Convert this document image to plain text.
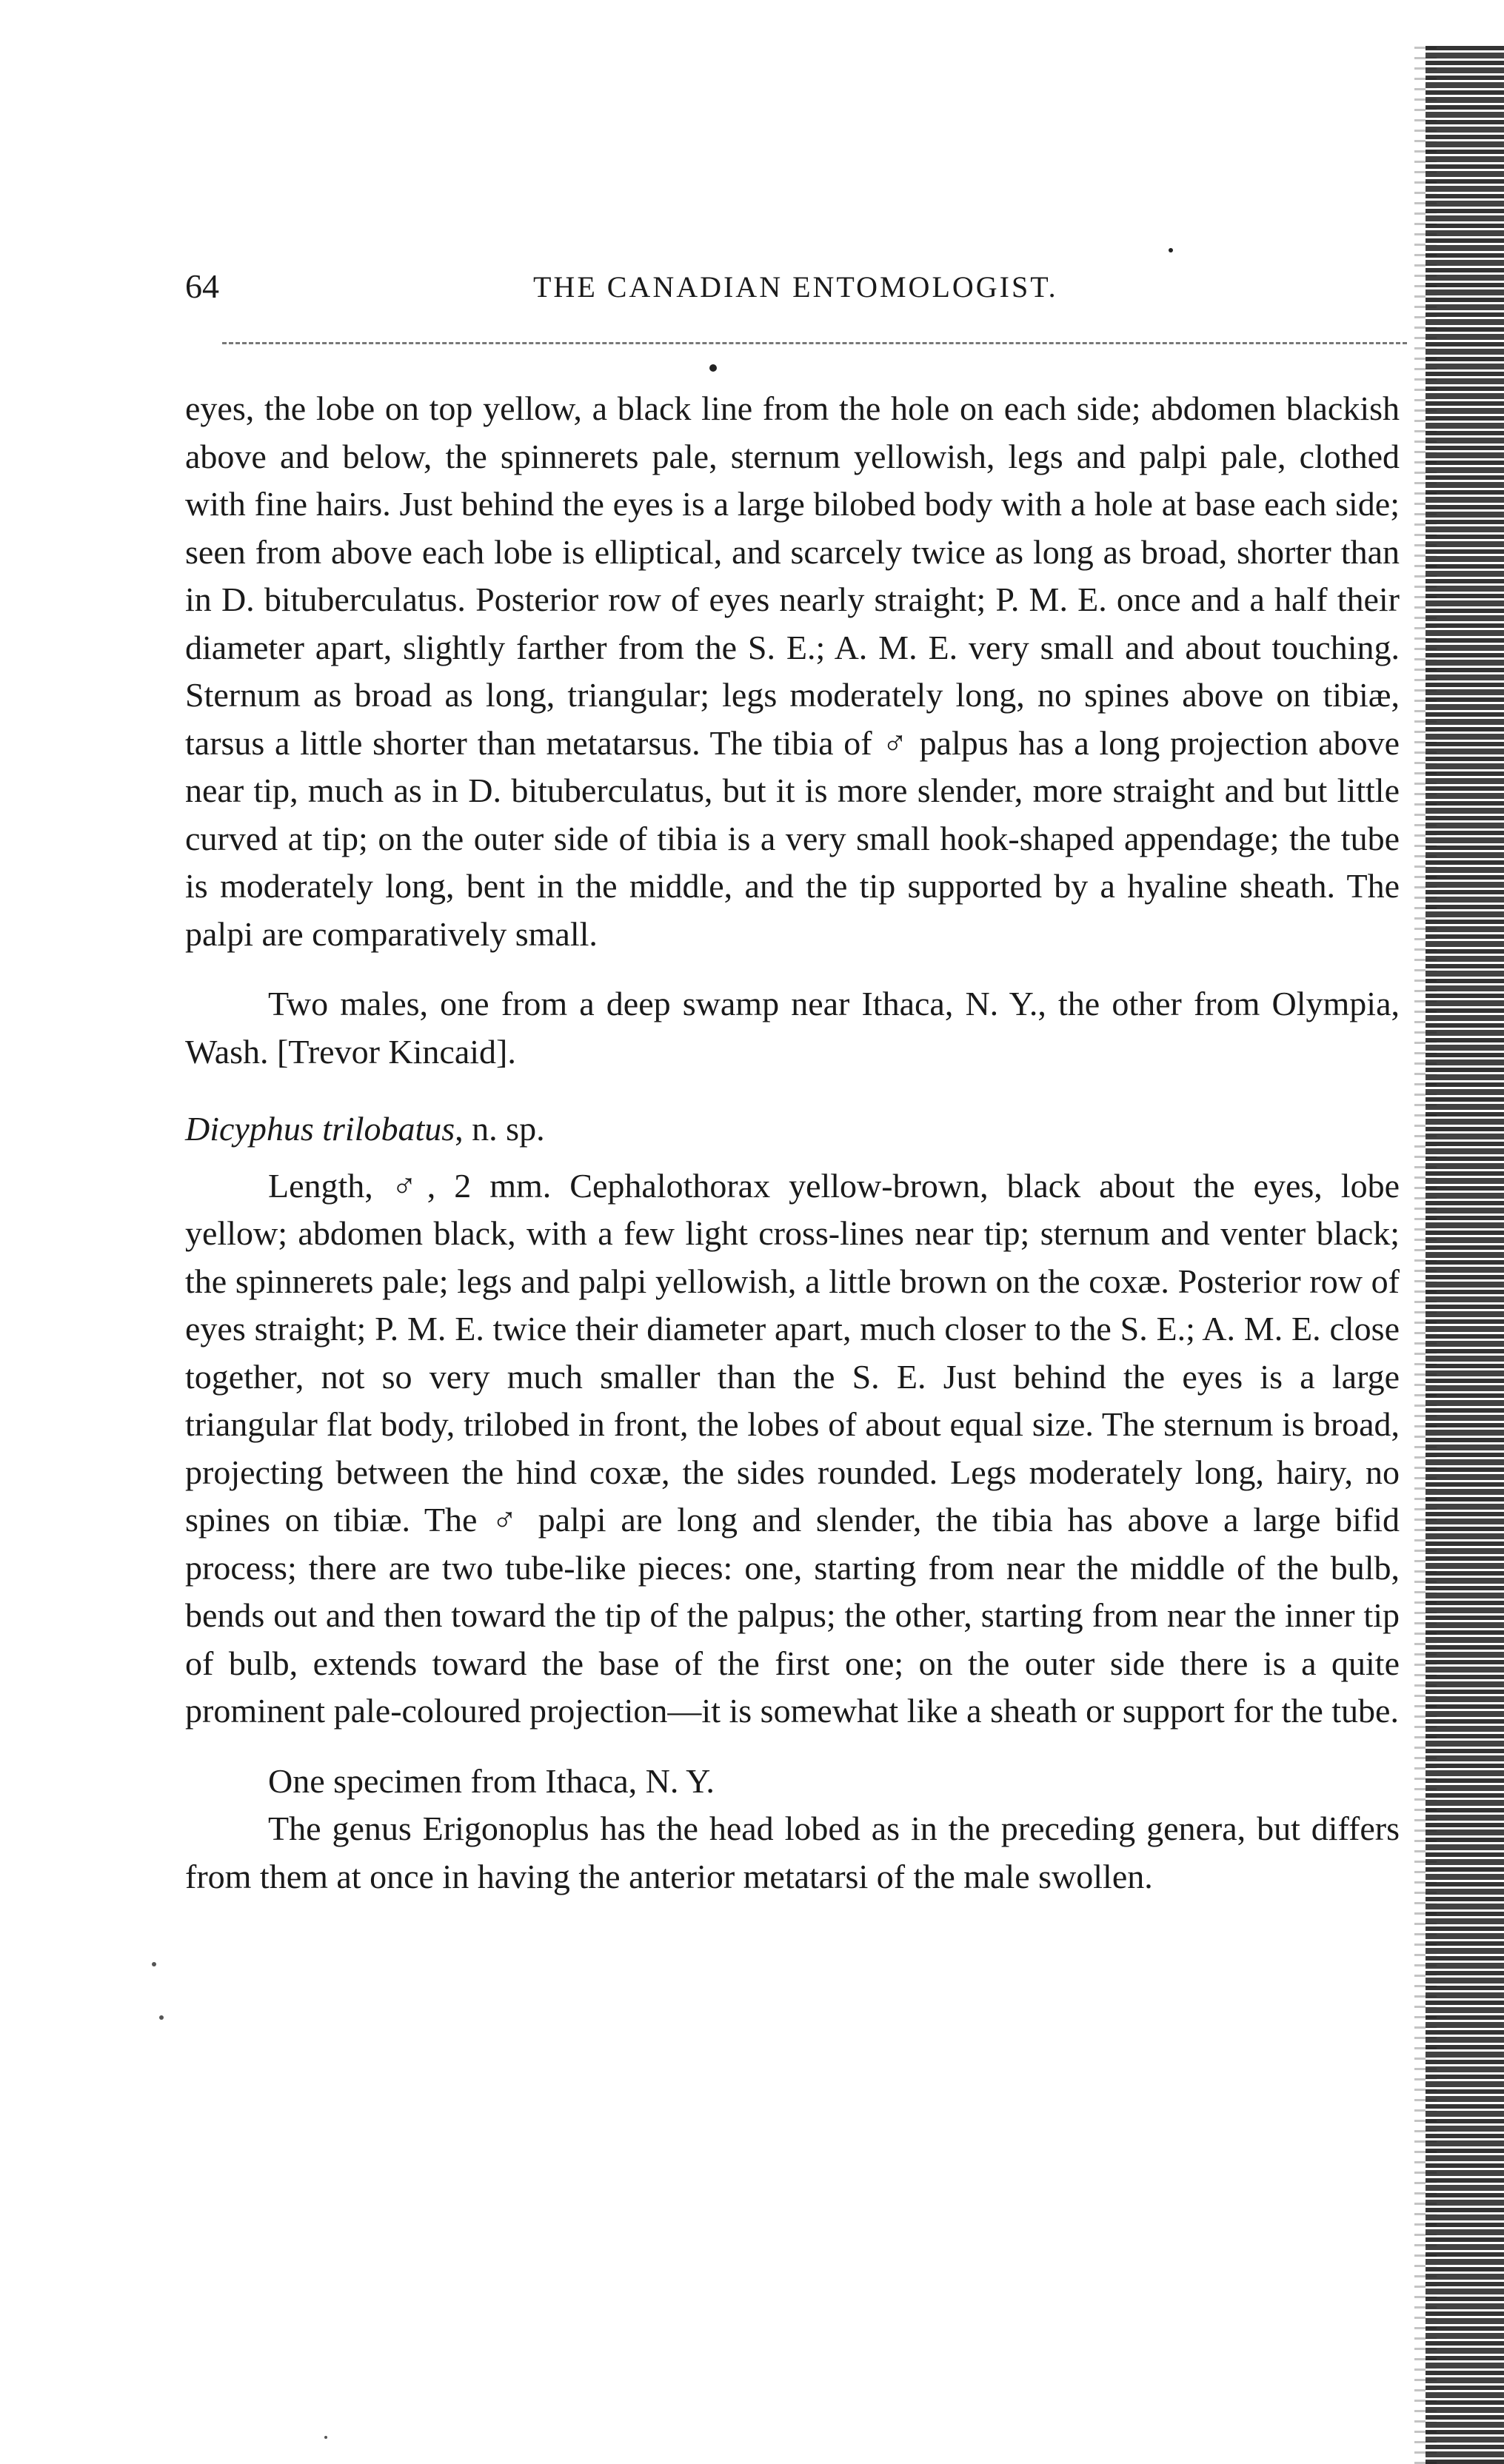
64	THE CANADIAN ENTOMOLOGIST.

eyes, the lobe on top yellow, a black line from the hole on each side; abdomen blackish above and below, the spinnerets pale, sternum yellowish, legs and palpi pale, clothed with fine hairs. Just behind the eyes is a large bilobed body with a hole at base each side; seen from above each lobe is elliptical, and scarcely twice as long as broad, shorter than in D. bituberculatus. Posterior row of eyes nearly straight; P. M. E. once and a half their diameter apart, slightly farther from the S. E.; A. M. E. very small and about touching. Sternum as broad as long, triangular; legs moderately long, no spines above on tibiæ, tarsus a little shorter than metatarsus. The tibia of ♂ palpus has a long projection above near tip, much as in D. bituberculatus, but it is more slender, more straight and but little curved at tip; on the outer side of tibia is a very small hook-shaped appendage; the tube is moderately long, bent in the middle, and the tip supported by a hyaline sheath. The palpi are comparatively small.

Two males, one from a deep swamp near Ithaca, N. Y., the other from Olympia, Wash. [Trevor Kincaid].

Dicyphus trilobatus, n. sp.

Length, ♂, 2 mm. Cephalothorax yellow-brown, black about the eyes, lobe yellow; abdomen black, with a few light cross-lines near tip; sternum and venter black; the spinnerets pale; legs and palpi yellowish, a little brown on the coxæ. Posterior row of eyes straight; P. M. E. twice their diameter apart, much closer to the S. E.; A. M. E. close together, not so very much smaller than the S. E. Just behind the eyes is a large triangular flat body, trilobed in front, the lobes of about equal size. The sternum is broad, projecting between the hind coxæ, the sides rounded. Legs moderately long, hairy, no spines on tibiæ. The ♂ palpi are long and slender, the tibia has above a large bifid process; there are two tube-like pieces: one, starting from near the middle of the bulb, bends out and then toward the tip of the palpus; the other, starting from near the inner tip of bulb, extends toward the base of the first one; on the outer side there is a quite prominent pale-coloured projection—it is somewhat like a sheath or support for the tube.

One specimen from Ithaca, N. Y.

The genus Erigonoplus has the head lobed as in the preceding genera, but differs from them at once in having the anterior metatarsi of the male swollen.
